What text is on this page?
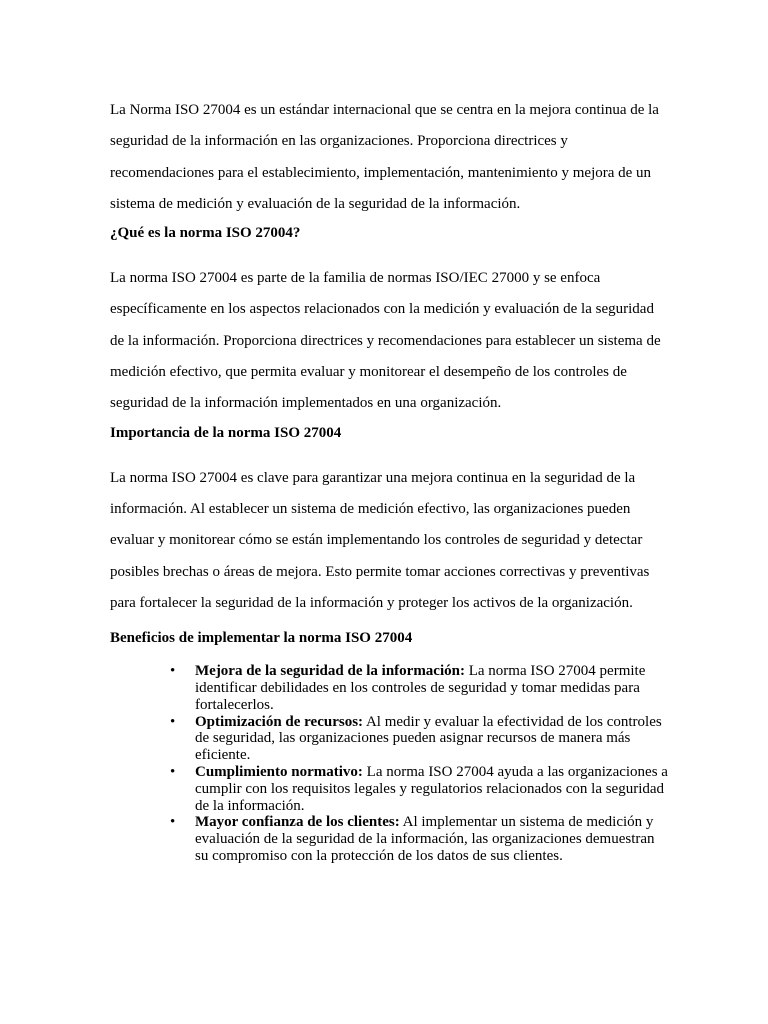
La Norma ISO 27004 es un estándar internacional que se centra en la mejora continua de la seguridad de la información en las organizaciones. Proporciona directrices y recomendaciones para el establecimiento, implementación, mantenimiento y mejora de un sistema de medición y evaluación de la seguridad de la información.

¿Qué es la norma ISO 27004?

La norma ISO 27004 es parte de la familia de normas ISO/IEC 27000 y se enfoca específicamente en los aspectos relacionados con la medición y evaluación de la seguridad de la información. Proporciona directrices y recomendaciones para establecer un sistema de medición efectivo, que permita evaluar y monitorear el desempeño de los controles de seguridad de la información implementados en una organización.

Importancia de la norma ISO 27004

La norma ISO 27004 es clave para garantizar una mejora continua en la seguridad de la información. Al establecer un sistema de medición efectivo, las organizaciones pueden evaluar y monitorear cómo se están implementando los controles de seguridad y detectar posibles brechas o áreas de mejora. Esto permite tomar acciones correctivas y preventivas para fortalecer la seguridad de la información y proteger los activos de la organización.

Beneficios de implementar la norma ISO 27004
• Mejora de la seguridad de la información: La norma ISO 27004 permite identificar debilidades en los controles de seguridad y tomar medidas para fortalecerlos.
• Optimización de recursos: Al medir y evaluar la efectividad de los controles de seguridad, las organizaciones pueden asignar recursos de manera más eficiente.
• Cumplimiento normativo: La norma ISO 27004 ayuda a las organizaciones a cumplir con los requisitos legales y regulatorios relacionados con la seguridad de la información.
• Mayor confianza de los clientes: Al implementar un sistema de medición y evaluación de la seguridad de la información, las organizaciones demuestran su compromiso con la protección de los datos de sus clientes.
